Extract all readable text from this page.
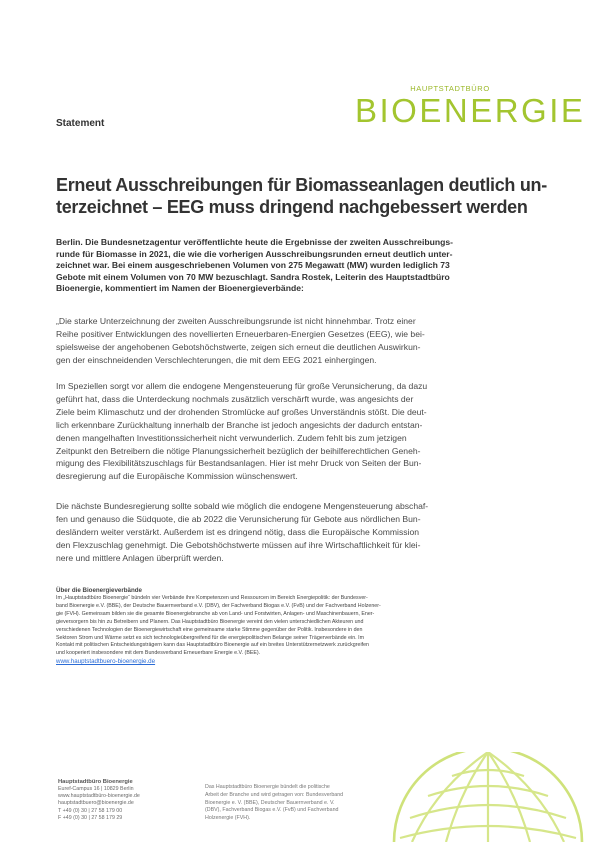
HAUPTSTADTBÜRO
BIOENERGIE
Statement
Erneut Ausschreibungen für Biomasseanlagen deutlich un-
terzeichnet – EEG muss dringend nachgebessert werden
Berlin. Die Bundesnetzagentur veröffentlichte heute die Ergebnisse der zweiten Ausschreibungs-
runde für Biomasse in 2021, die wie die vorherigen Ausschreibungsrunden erneut deutlich unter-
zeichnet war. Bei einem ausgeschriebenen Volumen von 275 Megawatt (MW) wurden lediglich 73
Gebote mit einem Volumen von 70 MW bezuschlagt. Sandra Rostek, Leiterin des Hauptstadtbüro
Bioenergie, kommentiert im Namen der Bioenergieverbände:
„Die starke Unterzeichnung der zweiten Ausschreibungsrunde ist nicht hinnehmbar. Trotz einer
Reihe positiver Entwicklungen des novellierten Erneuerbaren-Energien Gesetzes (EEG), wie bei-
spielsweise der angehobenen Gebotshöchstwerte, zeigen sich erneut die deutlichen Auswirkun-
gen der einschneidenden Verschlechterungen, die mit dem EEG 2021 einhergingen.
Im Speziellen sorgt vor allem die endogene Mengensteuerung für große Verunsicherung, da dazu
geführt hat, dass die Unterdeckung nochmals zusätzlich verschärft wurde, was angesichts der
Ziele beim Klimaschutz und der drohenden Stromlücke auf großes Unverständnis stößt. Die deut-
lich erkennbare Zurückhaltung innerhalb der Branche ist jedoch angesichts der dadurch entstan-
denen mangelhaften Investitionssicherheit nicht verwunderlich. Zudem fehlt bis zum jetzigen
Zeitpunkt den Betreibern die nötige Planungssicherheit bezüglich der beihilferechtlichen Geneh-
migung des Flexibilitätszuschlags für Bestandsanlagen. Hier ist mehr Druck von Seiten der Bun-
desregierung auf die Europäische Kommission wünschenswert.
Die nächste Bundesregierung sollte sobald wie möglich die endogene Mengensteuerung abschaf-
fen und genauso die Südquote, die ab 2022 die Verunsicherung für Gebote aus nördlichen Bun-
desländern weiter verstärkt. Außerdem ist es dringend nötig, dass die Europäische Kommission
den Flexzuschlag genehmigt. Die Gebotshöchstwerte müssen auf ihre Wirtschaftlichkeit für klei-
nere und mittlere Anlagen überprüft werden.
Über die Bioenergieverbände
Im „Hauptstadtbüro Bioenergie“ bündeln vier Verbände ihre Kompetenzen und Ressourcen im Bereich Energiepolitik: der Bundesver-
band Bioenergie e.V. (BBE), der Deutsche Bauernverband e.V. (DBV), der Fachverband Biogas e.V. (FvB) und der Fachverband Holzener-
gie (FVH). Gemeinsam bilden sie die gesamte Bioenergiebranche ab von Land- und Forstwirten, Anlagen- und Maschinenbauern, Ener-
gieversorgern bis hin zu Betreibern und Planern. Das Hauptstadtbüro Bioenergie vereint den vielen unterschiedlichen Akteuren und
verschiedenen Technologien der Bioenergiewirtschaft eine gemeinsame starke Stimme gegenüber der Politik. Insbesondere in den
Sektoren Strom und Wärme setzt es sich technologieübergreifend für die energiepolitischen Belange seiner Trägerverbände ein. Im
Kontakt mit politischen Entscheidungsträgern kann das Hauptstadtbüro Bioenergie auf ein breites Unterstützernetzwerk zurückgreifen
und kooperiert insbesondere mit dem Bundesverband Erneuerbare Energie e.V. (BEE).
www.hauptstadtbuero-bioenergie.de
Hauptstadtbüro Bioenergie
Euref-Campus 16 | 10829 Berlin
www.hauptstadtbüro-bioenergie.de
hauptstadtbuero@bioenergie.de
T +49 (0) 30 | 27 58 179 00
F +49 (0) 30 | 27 58 179 29
Das Hauptstadtbüro Bioenergie bündelt die politische
Arbeit der Branche und wird getragen von: Bundesverband
Bioenergie e. V. (BBE), Deutscher Bauernverband e. V.
(DBV), Fachverband Biogas e.V. (FvB) und Fachverband
Holzenergie (FVH).
